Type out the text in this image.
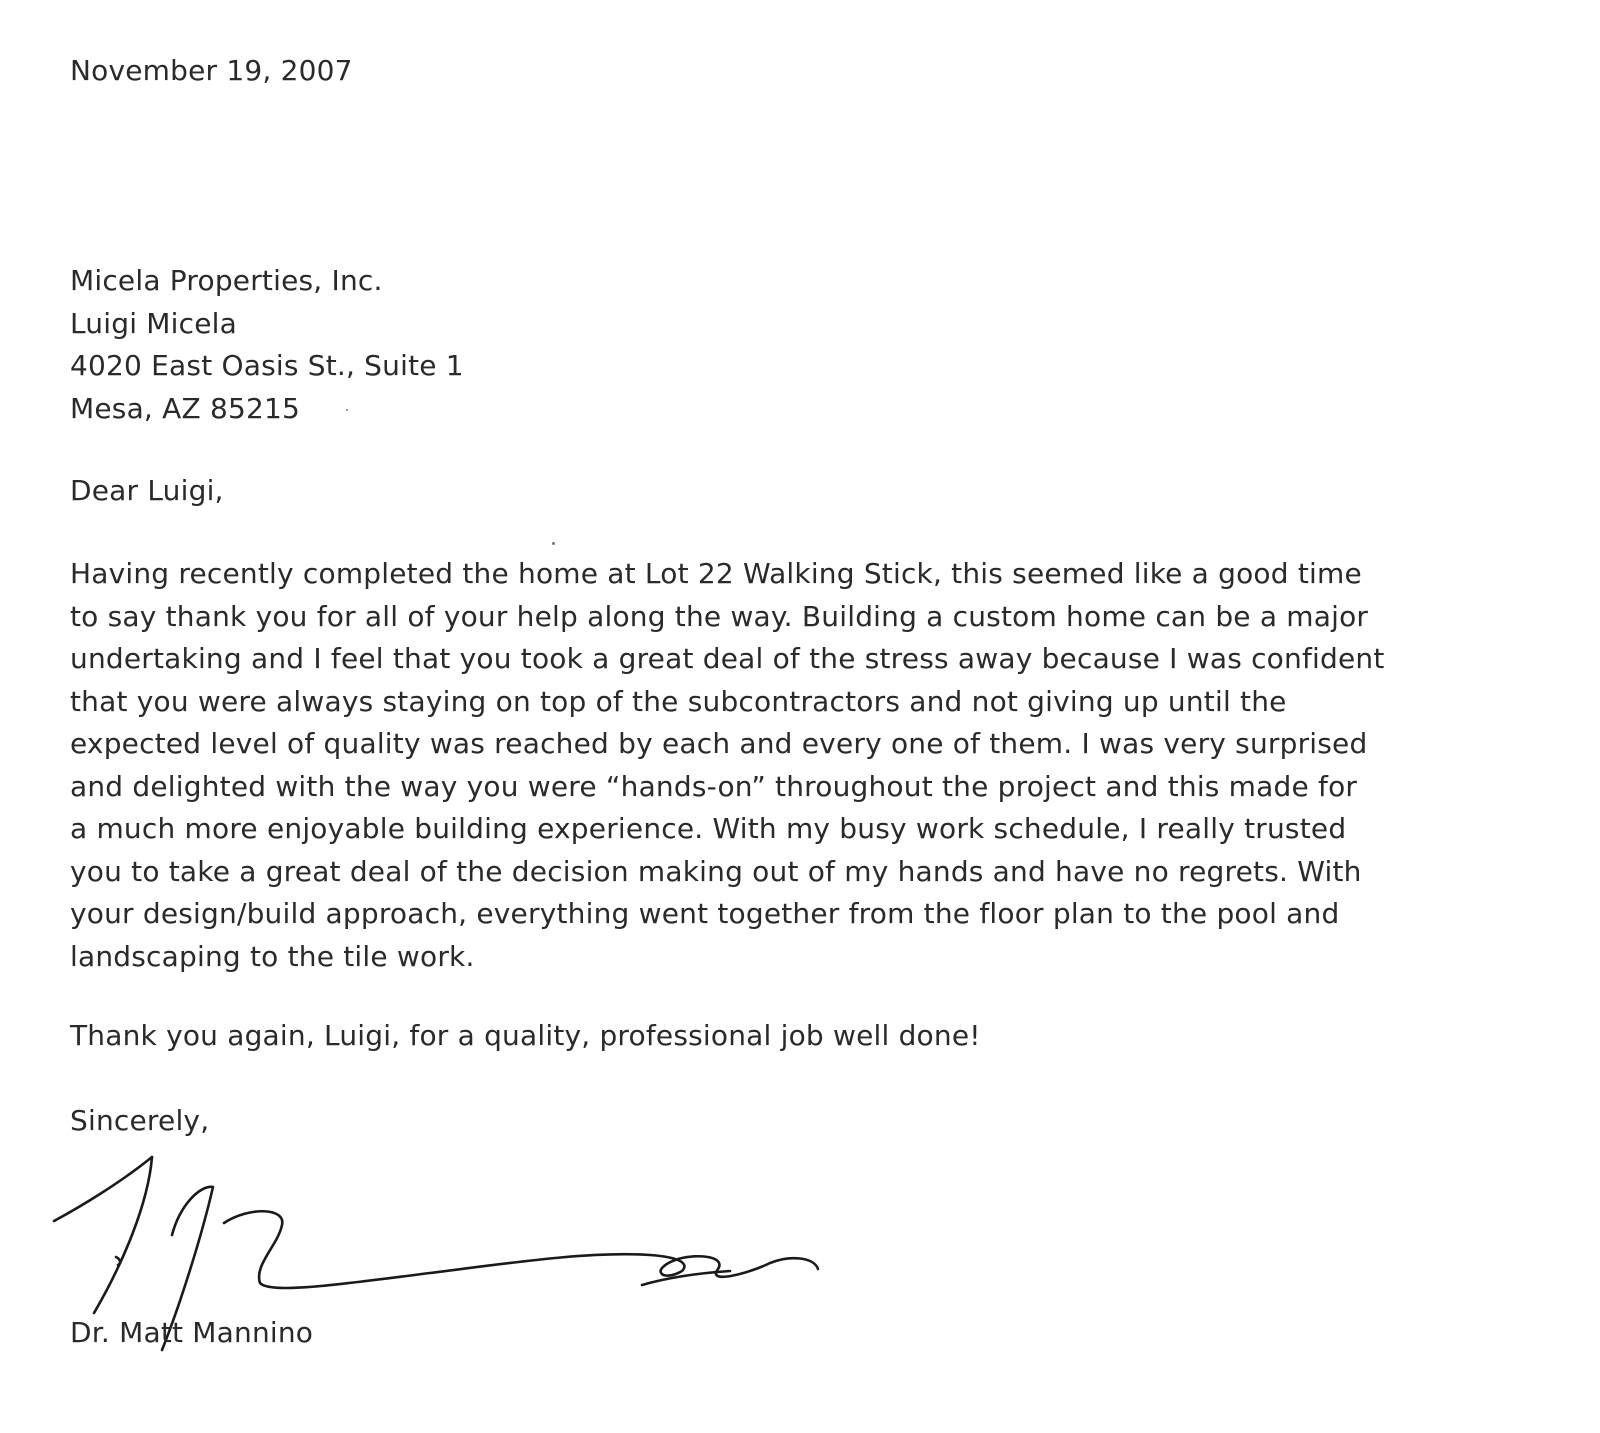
November 19, 2007

Micela Properties, Inc.
Luigi Micela
4020 East Oasis St., Suite 1
Mesa, AZ 85215

Dear Luigi,

Having recently completed the home at Lot 22 Walking Stick, this seemed like a good time
to say thank you for all of your help along the way. Building a custom home can be a major
undertaking and I feel that you took a great deal of the stress away because I was confident
that you were always staying on top of the subcontractors and not giving up until the
expected level of quality was reached by each and every one of them. I was very surprised
and delighted with the way you were “hands-on” throughout the project and this made for
a much more enjoyable building experience. With my busy work schedule, I really trusted
you to take a great deal of the decision making out of my hands and have no regrets. With
your design/build approach, everything went together from the floor plan to the pool and
landscaping to the tile work.

Thank you again, Luigi, for a quality, professional job well done!

Sincerely,

Dr. Matt Mannino
